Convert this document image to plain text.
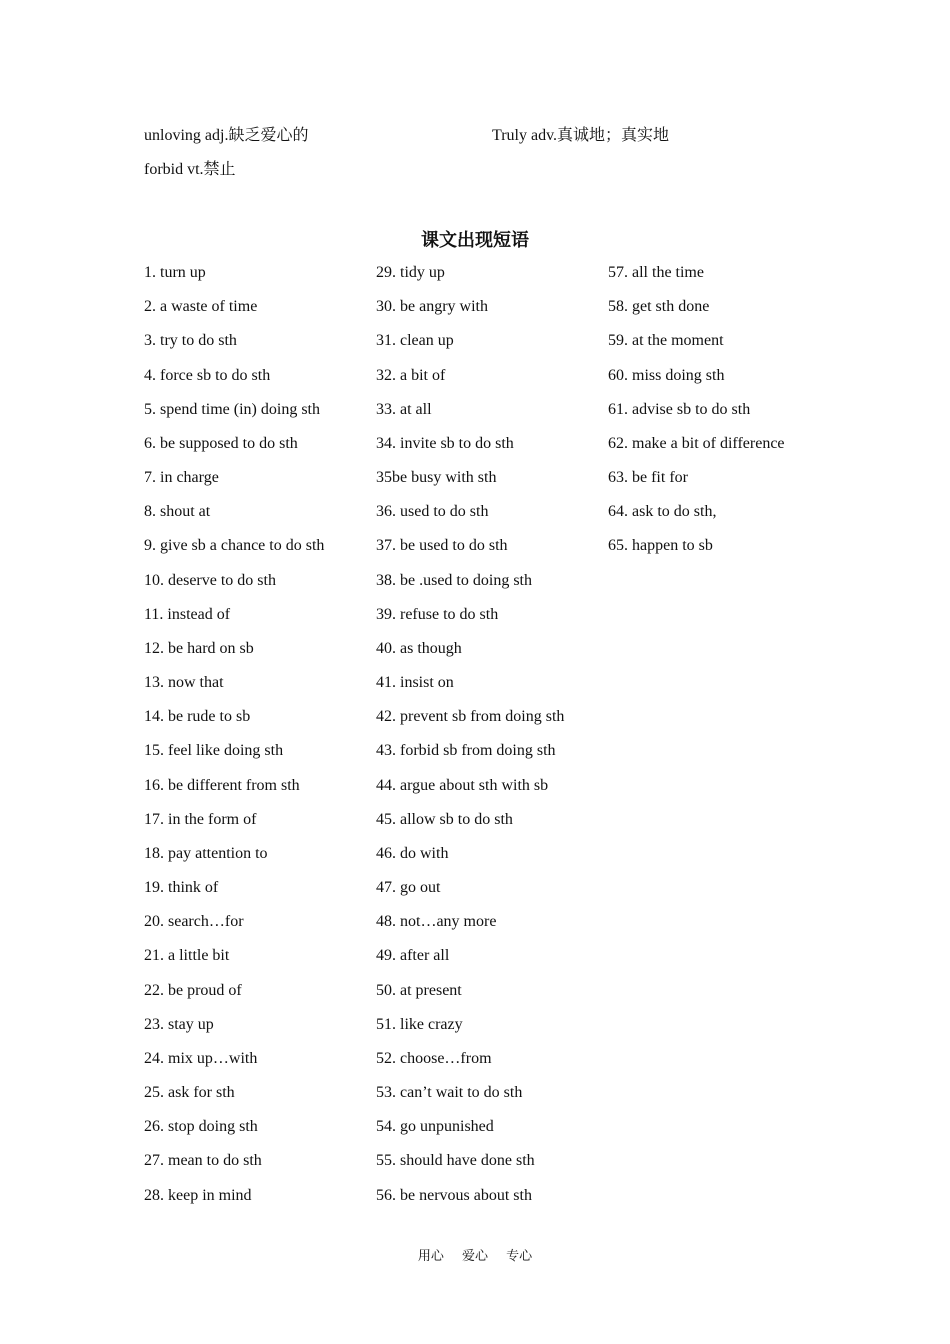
unloving adj.缺乏爱心的	Truly adv.真诚地；真实地
forbid vt.禁止
课文出现短语
1. turn up
2. a waste of time
3. try to do sth
4. force sb to do sth
5. spend time (in) doing sth
6. be supposed to do sth
7. in charge
8. shout at
9. give sb a chance to do sth
10. deserve to do sth
11. instead of
12. be hard on sb
13. now that
14. be rude to sb
15. feel like doing sth
16. be different from sth
17. in the form of
18. pay attention to
19. think of
20. search…for
21. a little bit
22. be proud of
23. stay up
24. mix up…with
25. ask for sth
26. stop doing sth
27. mean to do sth
28. keep in mind
29. tidy up
30. be angry with
31. clean up
32. a bit of
33. at all
34. invite sb to do sth
35be busy with sth
36. used to do sth
37. be used to do sth
38. be .used to doing sth
39. refuse to do sth
40. as though
41. insist on
42. prevent sb from doing sth
43. forbid sb from doing sth
44. argue about sth with sb
45. allow sb to do sth
46. do with
47. go out
48. not…any more
49. after all
50. at present
51. like crazy
52. choose…from
53. can’t wait to do sth
54. go unpunished
55. should have done sth
56. be nervous about sth
57. all the time
58. get sth done
59. at the moment
60. miss doing sth
61. advise sb to do sth
62. make a bit of difference
63. be fit for
64. ask to do sth,
65. happen to sb
用心 爱心 专心
